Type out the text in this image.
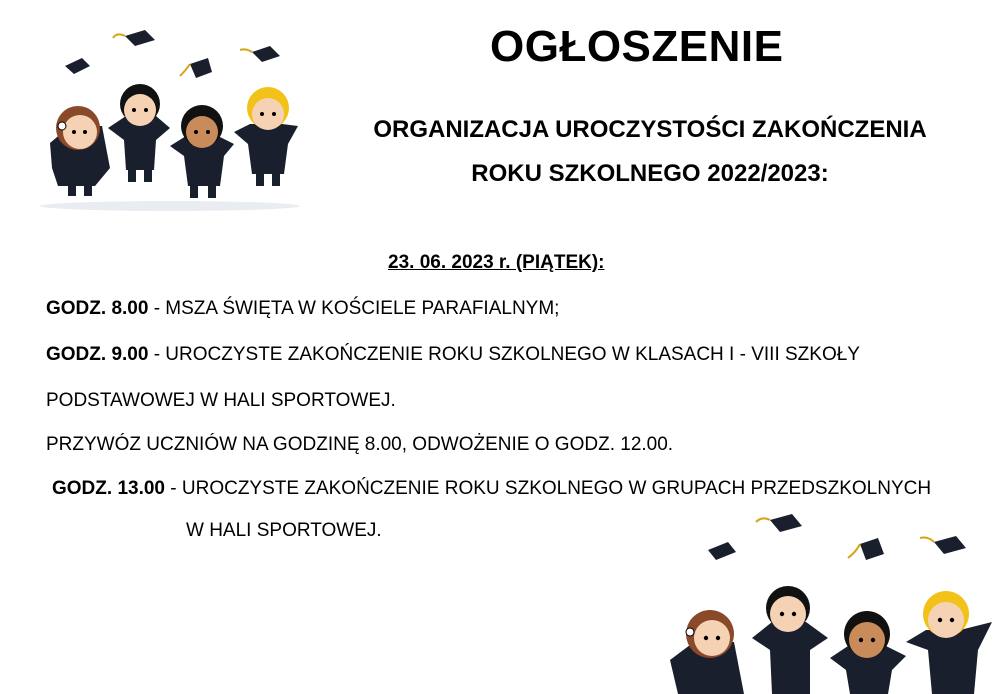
OGŁOSZENIE
ORGANIZACJA UROCZYSTOŚCI ZAKOŃCZENIA
ROKU SZKOLNEGO 2022/2023:
23. 06. 2023 r. (PIĄTEK):
GODZ. 8.00 - MSZA ŚWIĘTA W KOŚCIELE PARAFIALNYM;
GODZ. 9.00 - UROCZYSTE ZAKOŃCZENIE ROKU SZKOLNEGO W KLASACH I - VIII SZKOŁY
PODSTAWOWEJ W HALI SPORTOWEJ.
PRZYWÓZ UCZNIÓW NA GODZINĘ 8.00, ODWOŻENIE O GODZ. 12.00.
GODZ. 13.00 - UROCZYSTE ZAKOŃCZENIE ROKU SZKOLNEGO W GRUPACH PRZEDSZKOLNYCH
W HALI SPORTOWEJ.
